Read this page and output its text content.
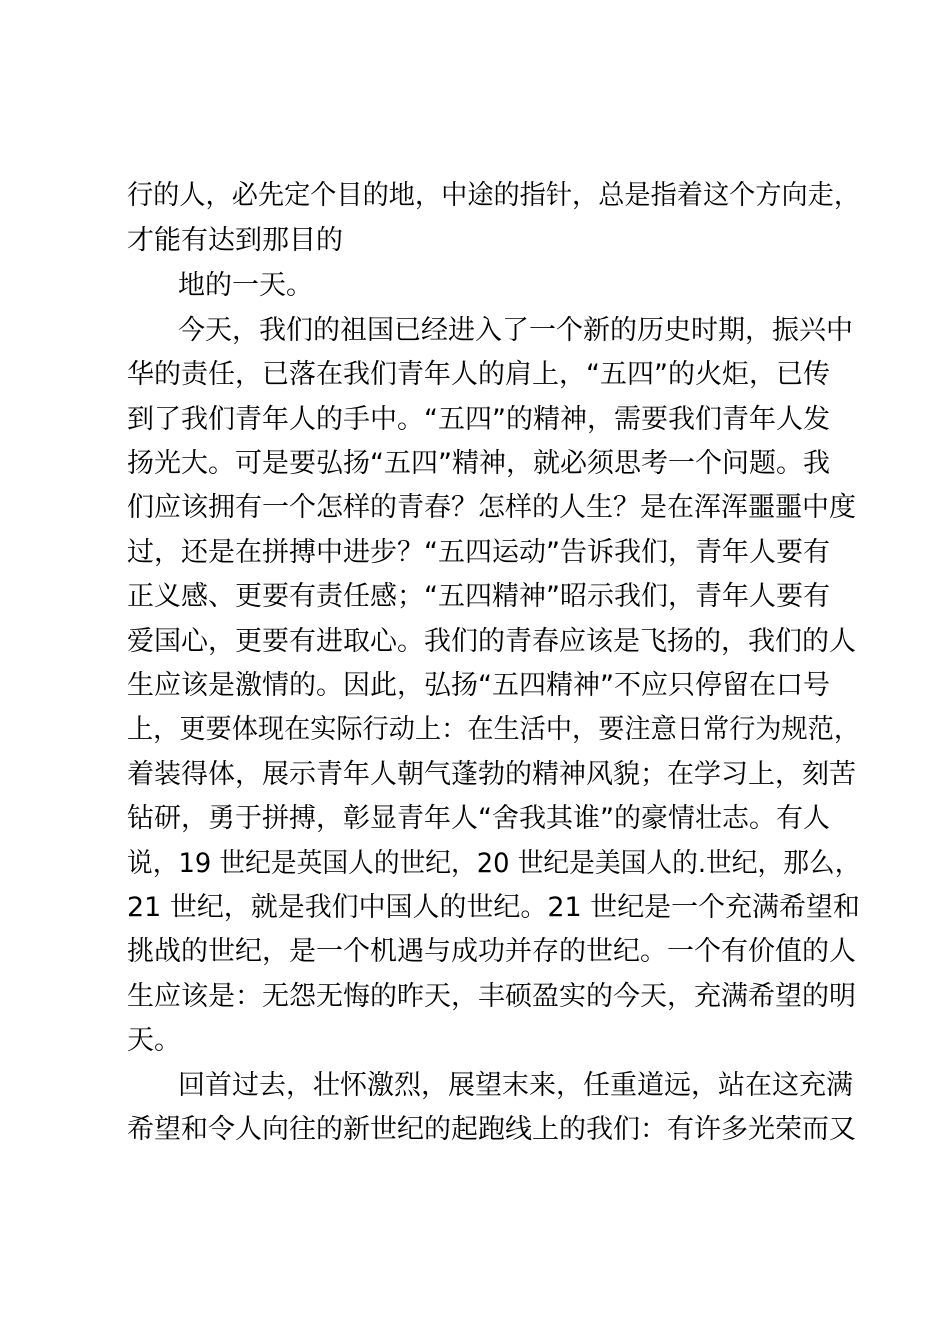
行的人，必先定个目的地，中途的指针，总是指着这个方向走，
才能有达到那目的
地的一天。
今天，我们的祖国已经进入了一个新的历史时期，振兴中
华的责任，已落在我们青年人的肩上，“五四”的火炬，已传
到了我们青年人的手中。“五四”的精神，需要我们青年人发
扬光大。可是要弘扬“五四”精神，就必须思考一个问题。我
们应该拥有一个怎样的青春？怎样的人生？是在浑浑噩噩中度
过，还是在拼搏中进步？“五四运动”告诉我们，青年人要有
正义感、更要有责任感；“五四精神”昭示我们，青年人要有
爱国心，更要有进取心。我们的青春应该是飞扬的，我们的人
生应该是激情的。因此，弘扬“五四精神”不应只停留在口号
上，更要体现在实际行动上：在生活中，要注意日常行为规范，
着装得体，展示青年人朝气蓬勃的精神风貌；在学习上，刻苦
钻研，勇于拼搏，彰显青年人“舍我其谁”的豪情壮志。有人
说，19 世纪是英国人的世纪，20 世纪是美国人的.世纪，那么，
21 世纪，就是我们中国人的世纪。21 世纪是一个充满希望和
挑战的世纪，是一个机遇与成功并存的世纪。一个有价值的人
生应该是：无怨无悔的昨天，丰硕盈实的今天，充满希望的明
天。
回首过去，壮怀激烈，展望末来，任重道远，站在这充满
希望和令人向往的新世纪的起跑线上的我们：有许多光荣而又
